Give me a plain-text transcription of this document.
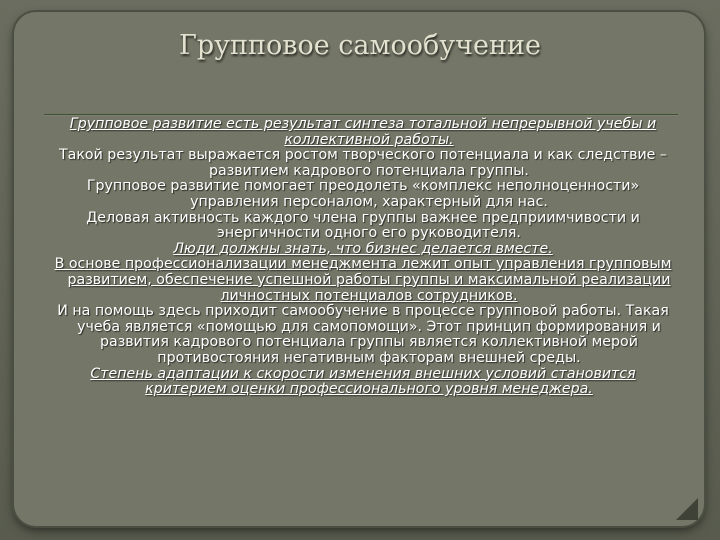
Групповое самообучение

Групповое развитие есть результат синтеза тотальной непрерывной учебы и коллективной работы.

Такой результат выражается ростом творческого потенциала и как следствие – развитием кадрового потенциала группы.

Групповое развитие помогает преодолеть «комплекс неполноценности» управления персоналом, характерный для нас.

Деловая активность каждого члена группы важнее предприимчивости и энергичности одного его руководителя.

Люди должны знать, что бизнес делается вместе.

В основе профессионализации менеджмента лежит опыт управления групповым развитием, обеспечение успешной работы группы и максимальной реализации личностных потенциалов сотрудников.

И на помощь здесь приходит самообучение в процессе групповой работы. Такая учеба является «помощью для самопомощи». Этот принцип формирования и развития кадрового потенциала группы является коллективной мерой противостояния негативным факторам внешней среды.

Степень адаптации к скорости изменения внешних условий становится критерием оценки профессионального уровня менеджера.
